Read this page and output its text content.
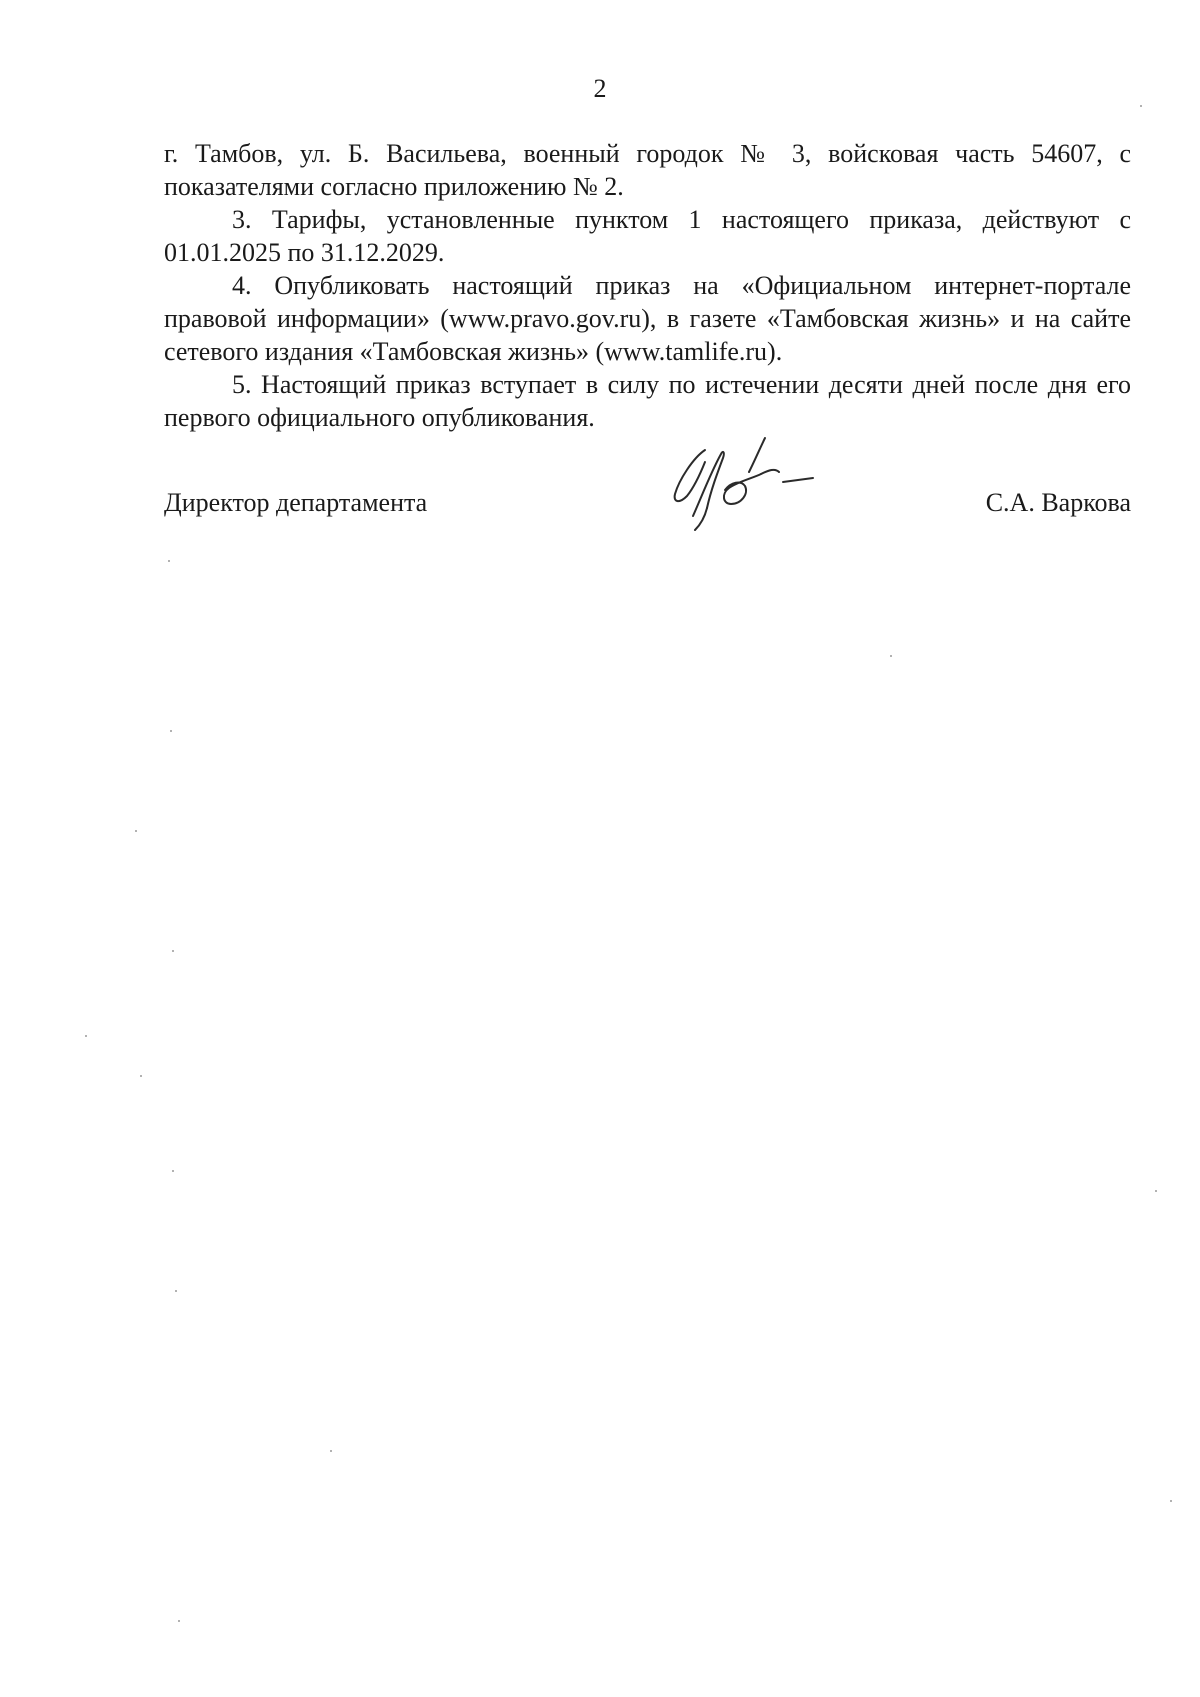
2

г. Тамбов, ул. Б. Васильева, военный городок № 3, войсковая часть 54607, с показателями согласно приложению № 2.

3. Тарифы, установленные пунктом 1 настоящего приказа, действуют с 01.01.2025 по 31.12.2029.

4. Опубликовать настоящий приказ на «Официальном интернет-портале правовой информации» (www.pravo.gov.ru), в газете «Тамбовская жизнь» и на сайте сетевого издания «Тамбовская жизнь» (www.tamlife.ru).

5. Настоящий приказ вступает в силу по истечении десяти дней после дня его первого официального опубликования.

Директор департамента	С.А. Варкова
